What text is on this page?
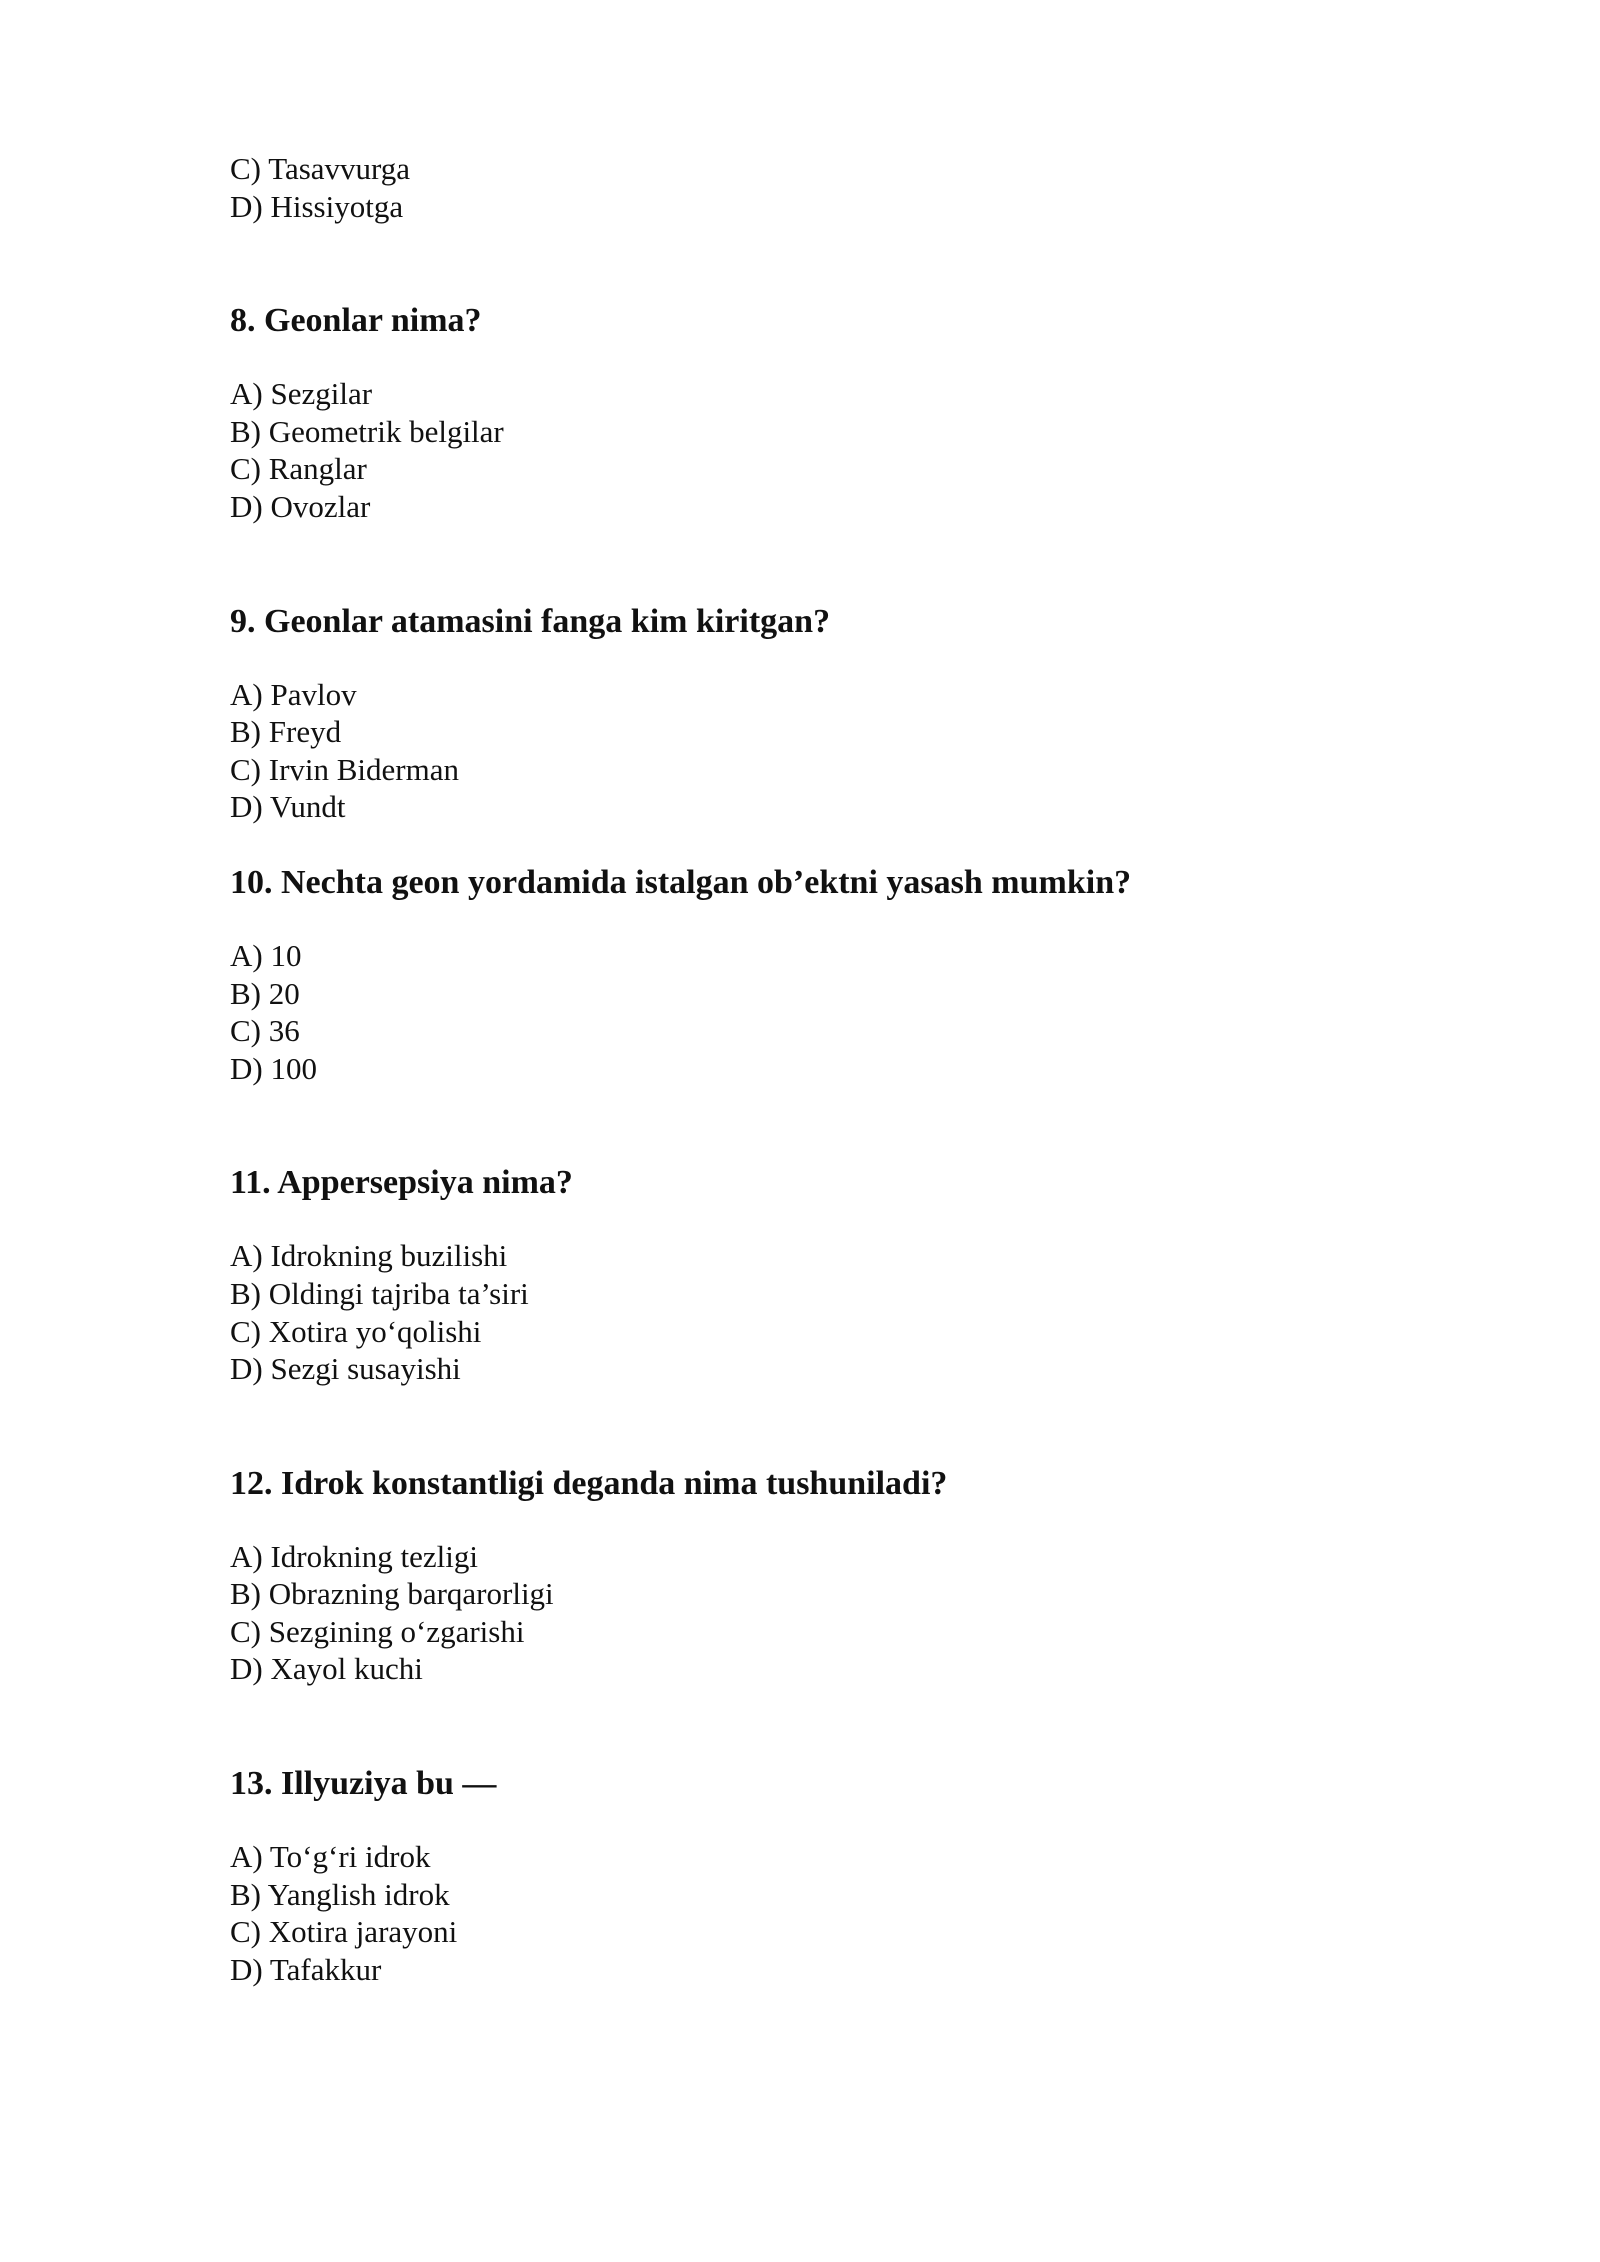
C) Tasavvurga
D) Hissiyotga
8. Geonlar nima?
A) Sezgilar
B) Geometrik belgilar
C) Ranglar
D) Ovozlar
9. Geonlar atamasini fanga kim kiritgan?
A) Pavlov
B) Freyd
C) Irvin Biderman
D) Vundt
10. Nechta geon yordamida istalgan ob’ektni yasash mumkin?
A) 10
B) 20
C) 36
D) 100
11. Appersepsiya nima?
A) Idrokning buzilishi
B) Oldingi tajriba ta’siri
C) Xotira yo‘qolishi
D) Sezgi susayishi
12. Idrok konstantligi deganda nima tushuniladi?
A) Idrokning tezligi
B) Obrazning barqarorligi
C) Sezgining o‘zgarishi
D) Xayol kuchi
13. Illyuziya bu —
A) To‘g‘ri idrok
B) Yanglish idrok
C) Xotira jarayoni
D) Tafakkur
